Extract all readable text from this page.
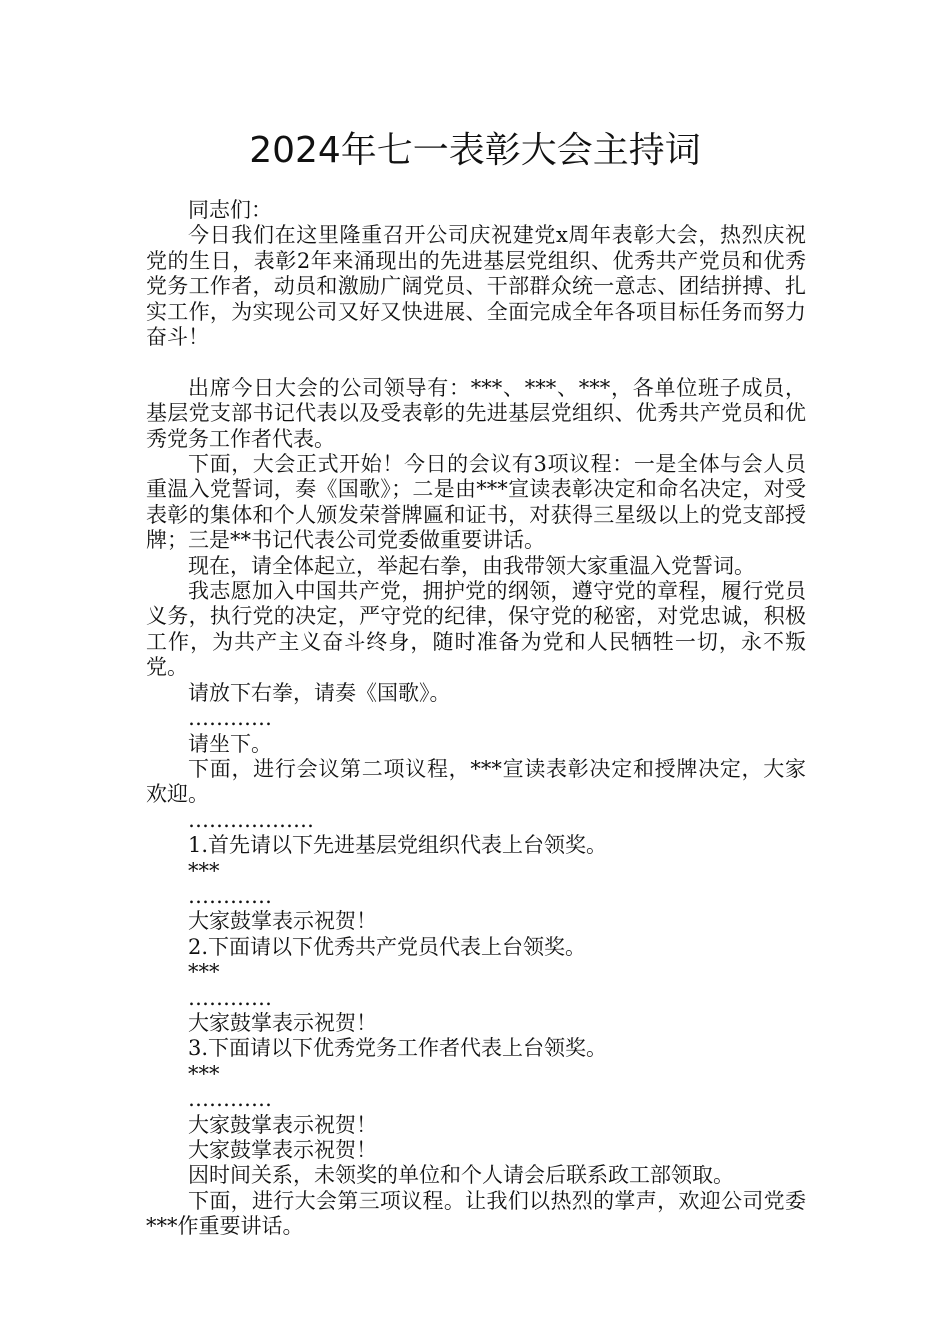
2024年七一表彰大会主持词

同志们：

今日我们在这里隆重召开公司庆祝建党x周年表彰大会，热烈庆祝党的生日，表彰2年来涌现出的先进基层党组织、优秀共产党员和优秀党务工作者，动员和激励广阔党员、干部群众统一意志、团结拼搏、扎实工作，为实现公司又好又快进展、全面完成全年各项目标任务而努力奋斗！

出席今日大会的公司领导有：***、***、***，各单位班子成员，基层党支部书记代表以及受表彰的先进基层党组织、优秀共产党员和优秀党务工作者代表。

下面，大会正式开始！今日的会议有3项议程：一是全体与会人员重温入党誓词，奏《国歌》；二是由***宣读表彰决定和命名决定，对受表彰的集体和个人颁发荣誉牌匾和证书，对获得三星级以上的党支部授牌；三是**书记代表公司党委做重要讲话。

现在，请全体起立，举起右拳，由我带领大家重温入党誓词。

我志愿加入中国共产党，拥护党的纲领，遵守党的章程，履行党员义务，执行党的决定，严守党的纪律，保守党的秘密，对党忠诚，积极工作，为共产主义奋斗终身，随时准备为党和人民牺牲一切，永不叛党。

请放下右拳，请奏《国歌》。

…………

请坐下。

下面，进行会议第二项议程，***宣读表彰决定和授牌决定，大家欢迎。

………………

1.首先请以下先进基层党组织代表上台领奖。

***

…………

大家鼓掌表示祝贺！

2.下面请以下优秀共产党员代表上台领奖。

***

…………

大家鼓掌表示祝贺！

3.下面请以下优秀党务工作者代表上台领奖。

***

…………

大家鼓掌表示祝贺！

大家鼓掌表示祝贺！

因时间关系，未领奖的单位和个人请会后联系政工部领取。

下面，进行大会第三项议程。让我们以热烈的掌声，欢迎公司党委***作重要讲话。
